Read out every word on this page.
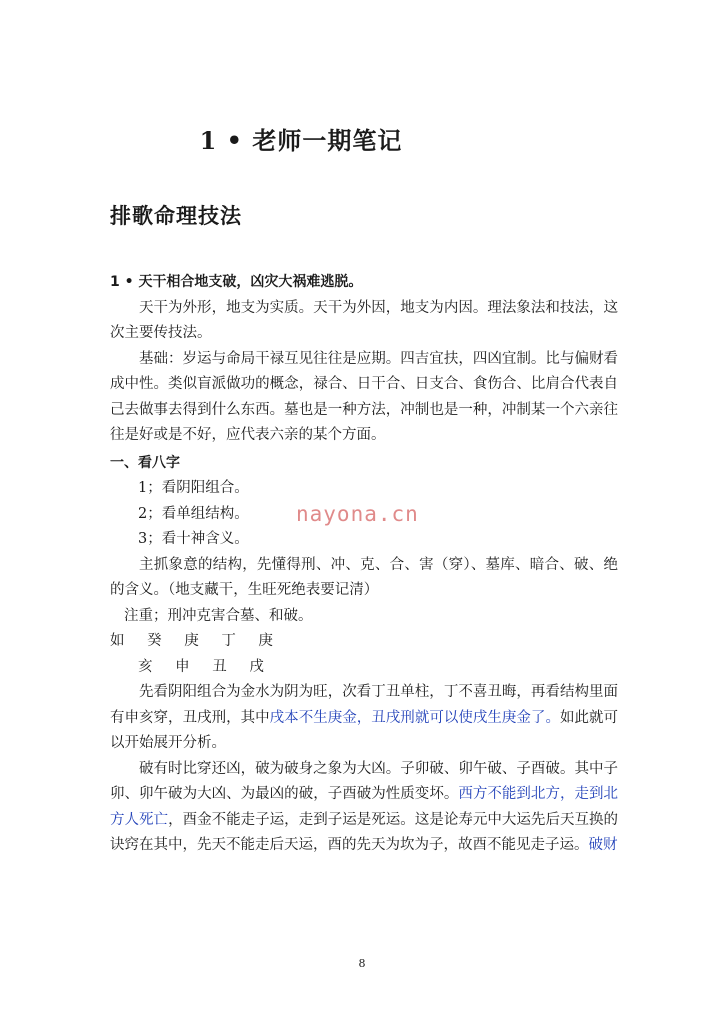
1 • 老师一期笔记
排歌命理技法

1 • 天干相合地支破，凶灾大祸难逃脱。

天干为外形，地支为实质。天干为外因，地支为内因。理法象法和技法，这次主要传技法。

基础：岁运与命局干禄互见往往是应期。四吉宜扶，四凶宜制。比与偏财看成中性。类似盲派做功的概念，禄合、日干合、日支合、食伤合、比肩合代表自己去做事去得到什么东西。墓也是一种方法，冲制也是一种，冲制某一个六亲往往是好或是不好，应代表六亲的某个方面。

一、看八字

1；看阴阳组合。

2；看单组结构。

3；看十神含义。

主抓象意的结构，先懂得刑、冲、克、合、害（穿）、墓库、暗合、破、绝的含义。（地支藏干，生旺死绝表要记清）

注重；刑冲克害合墓、和破。

如 癸 庚 丁 庚

亥 申 丑 戌

先看阴阳组合为金水为阴为旺，次看丁丑单柱，丁不喜丑晦，再看结构里面有申亥穿，丑戌刑，其中戌本不生庚金，丑戌刑就可以使戌生庚金了。如此就可以开始展开分析。

破有时比穿还凶，破为破身之象为大凶。子卯破、卯午破、子酉破。其中子卯、卯午破为大凶、为最凶的破，子酉破为性质变坏。西方不能到北方，走到北方人死亡，酉金不能走子运，走到子运是死运。这是论寿元中大运先后天互换的诀窍在其中，先天不能走后天运，酉的先天为坎为子，故酉不能见走子运。破财

nayona.cn
8
